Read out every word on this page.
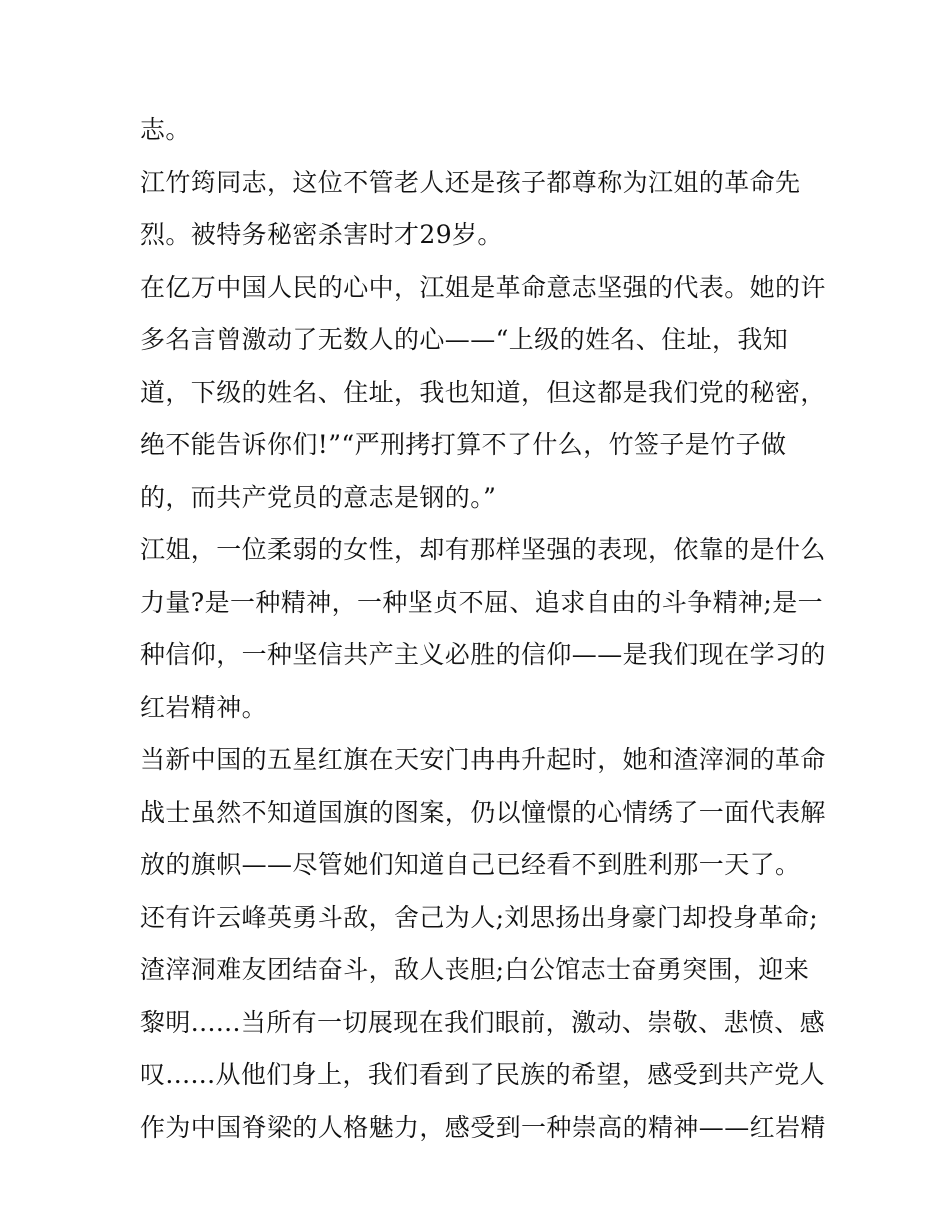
志。
江竹筠同志，这位不管老人还是孩子都尊称为江姐的革命先
烈。被特务秘密杀害时才29岁。
在亿万中国人民的心中，江姐是革命意志坚强的代表。她的许
多名言曾激动了无数人的心——“上级的姓名、住址，我知
道，下级的姓名、住址，我也知道，但这都是我们党的秘密，
绝不能告诉你们!”“严刑拷打算不了什么，竹签子是竹子做
的，而共产党员的意志是钢的。”
江姐，一位柔弱的女性，却有那样坚强的表现，依靠的是什么
力量?是一种精神，一种坚贞不屈、追求自由的斗争精神;是一
种信仰，一种坚信共产主义必胜的信仰——是我们现在学习的
红岩精神。
当新中国的五星红旗在天安门冉冉升起时，她和渣滓洞的革命
战士虽然不知道国旗的图案，仍以憧憬的心情绣了一面代表解
放的旗帜——尽管她们知道自己已经看不到胜利那一天了。
还有许云峰英勇斗敌，舍己为人;刘思扬出身豪门却投身革命;
渣滓洞难友团结奋斗，敌人丧胆;白公馆志士奋勇突围，迎来
黎明......当所有一切展现在我们眼前，激动、崇敬、悲愤、感
叹......从他们身上，我们看到了民族的希望，感受到共产党人
作为中国脊梁的人格魅力，感受到一种崇高的精神——红岩精
